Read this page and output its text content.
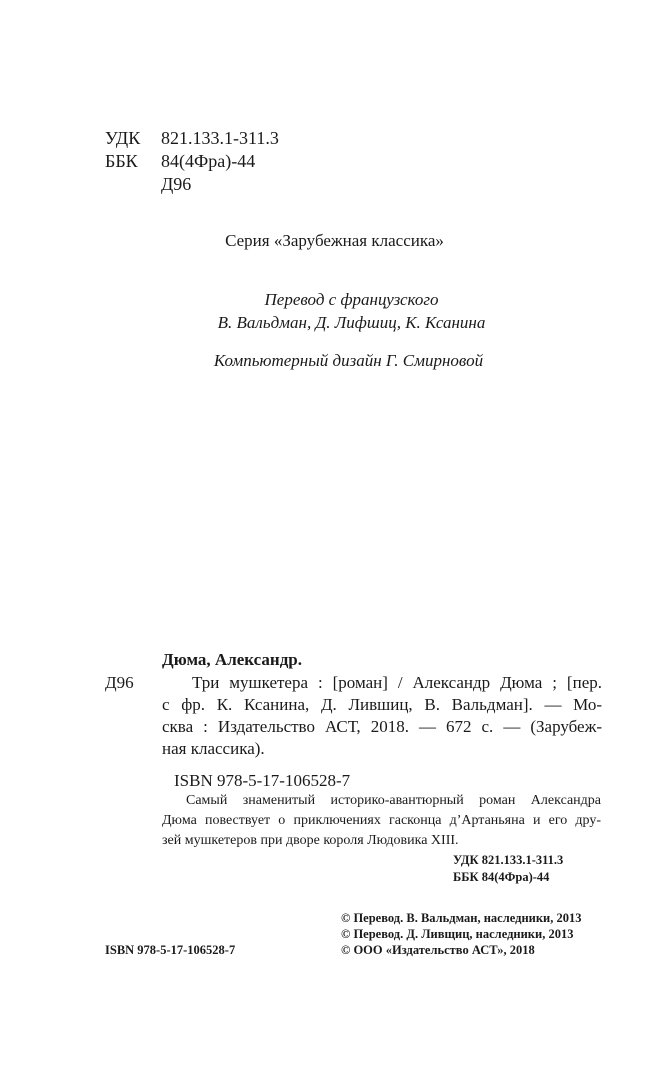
УДК 821.133.1-311.3
ББК 84(4Фра)-44
Д96
Серия «Зарубежная классика»
Перевод с французского
В. Вальдман, Д. Лифшиц, К. Ксанина
Компьютерный дизайн Г. Смирновой
Дюма, Александр.
Д96	Три мушкетера : [роман] / Александр Дюма ; [пер.
с фр. К. Ксанина, Д. Лившиц, В. Вальдман]. — Мо-
сква : Издательство АСТ, 2018. — 672 с. — (Зарубеж-
ная классика).
ISBN 978-5-17-106528-7
Самый знаменитый историко-авантюрный роман Александра
Дюма повествует о приключениях гасконца д’Артаньяна и его дру-
зей мушкетеров при дворе короля Людовика XIII.
УДК 821.133.1-311.3
ББК 84(4Фра)-44
ISBN 978-5-17-106528-7
© Перевод. В. Вальдман, наследники, 2013
© Перевод. Д. Ливщиц, наследники, 2013
© ООО «Издательство АСТ», 2018
